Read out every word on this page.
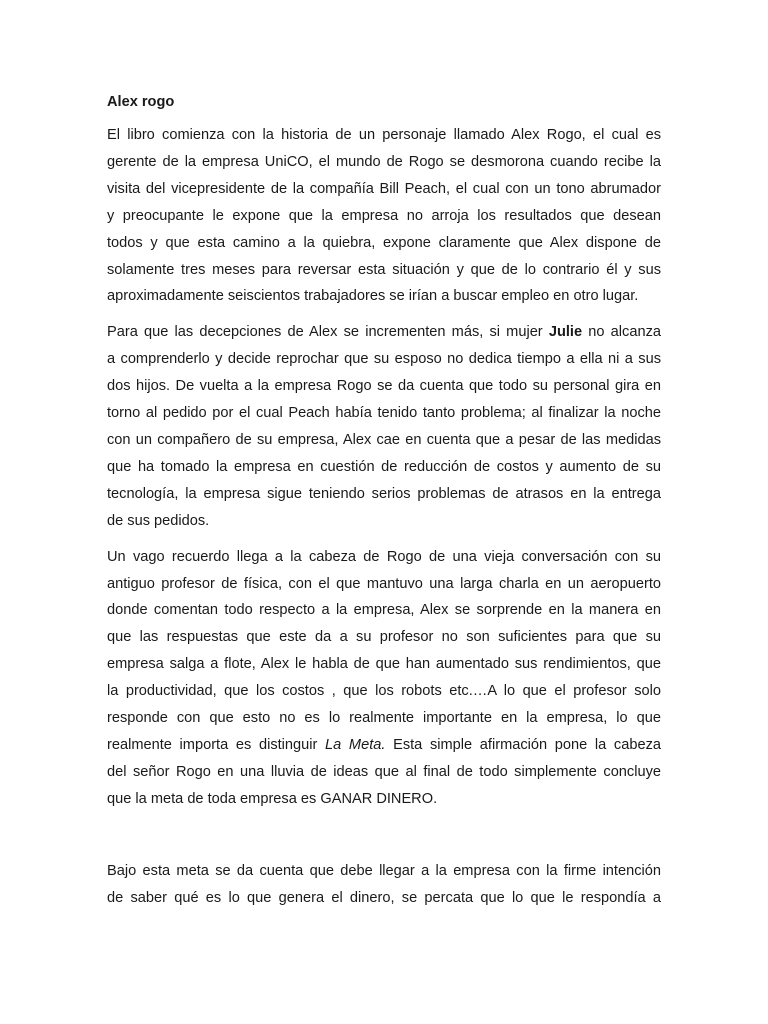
Alex rogo
El libro comienza con la historia de un personaje llamado Alex Rogo, el cual es
gerente de la empresa UniCO, el mundo de Rogo se desmorona cuando recibe la
visita del vicepresidente de la compañía Bill Peach, el cual con un tono abrumador
y preocupante le expone que la empresa no arroja los resultados que desean
todos y que esta camino a la quiebra, expone claramente que Alex dispone de
solamente tres meses para reversar esta situación y que de lo contrario él y sus
aproximadamente seiscientos trabajadores se irían a buscar empleo en otro lugar.
Para que las decepciones de Alex se incrementen más, si mujer Julie no alcanza
a comprenderlo y decide reprochar que su esposo no dedica tiempo a ella ni a sus
dos hijos. De vuelta a la empresa Rogo se da cuenta que todo su personal gira en
torno al pedido por el cual Peach había tenido tanto problema; al finalizar la noche
con un compañero de su empresa, Alex cae en cuenta que a pesar de las medidas
que ha tomado la empresa en cuestión de reducción de costos y aumento de su
tecnología, la empresa sigue teniendo serios problemas de atrasos en la entrega
de sus pedidos.
Un vago recuerdo llega a la cabeza de Rogo de una vieja conversación con su
antiguo profesor de física, con el que mantuvo una larga charla en un aeropuerto
donde comentan todo respecto a la empresa, Alex se sorprende en la manera en
que las respuestas que este da a su profesor no son suficientes para que su
empresa salga a flote, Alex le habla de que han aumentado sus rendimientos, que
la productividad, que los costos , que los robots etc.…A lo que el profesor solo
responde con que esto no es lo realmente importante en la empresa, lo que
realmente importa es distinguir La Meta. Esta simple afirmación pone la cabeza
del señor Rogo en una lluvia de ideas que al final de todo simplemente concluye
que la meta de toda empresa es GANAR DINERO.
Bajo esta meta se da cuenta que debe llegar a la empresa con la firme intención
de saber qué es lo que genera el dinero, se percata que lo que le respondía a
